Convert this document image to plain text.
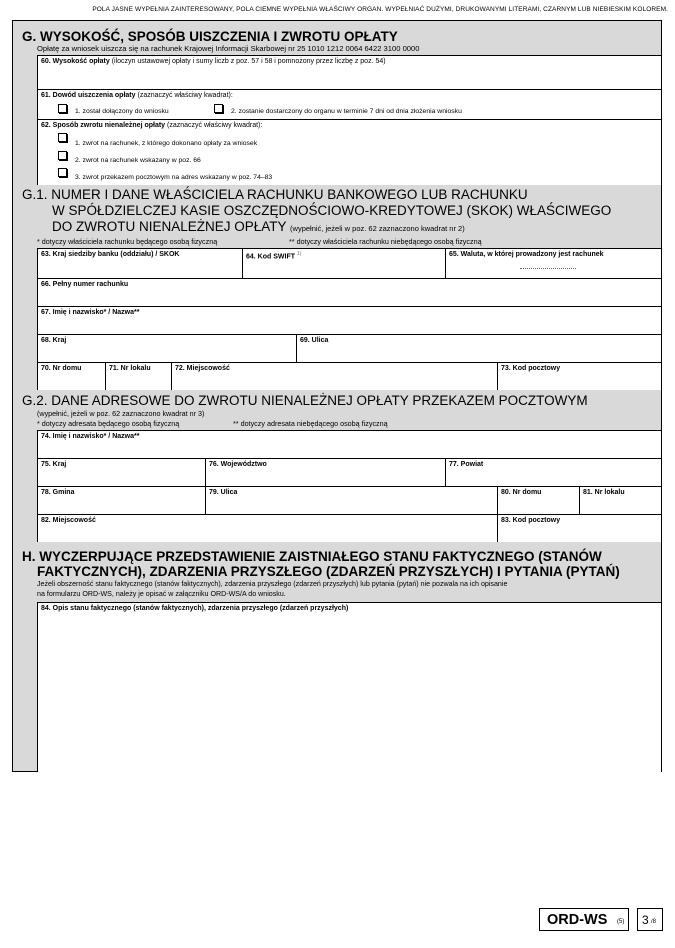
POLA JASNE WYPEŁNIA ZAINTERESOWANY, POLA CIEMNE WYPEŁNIA WŁAŚCIWY ORGAN. WYPEŁNIAĆ DUŻYMI, DRUKOWANYMI LITERAMI, CZARNYM LUB NIEBIESKIM KOLOREM.
G. WYSOKOŚĆ, SPOSÓB UISZCZENIA I ZWROTU OPŁATY
Opłatę za wniosek uiszcza się na rachunek Krajowej Informacji Skarbowej nr 25 1010 1212 0064 6422 3100 0000
60. Wysokość opłaty (iloczyn ustawowej opłaty i sumy liczb z poz. 57 i 58 i pomnożony przez liczbę z poz. 54)
61. Dowód uiszczenia opłaty (zaznaczyć właściwy kwadrat):
1. został dołączony do wniosku	2. zostanie dostarczony do organu w terminie 7 dni od dnia złożenia wniosku
62. Sposób zwrotu nienależnej opłaty (zaznaczyć właściwy kwadrat):
1. zwrot na rachunek, z którego dokonano opłaty za wniosek
2. zwrot na rachunek wskazany w poz. 66
3. zwrot przekazem pocztowym na adres wskazany w poz. 74–83
G.1. NUMER I DANE WŁAŚCICIELA RACHUNKU BANKOWEGO LUB RACHUNKU
W SPÓŁDZIELCZEJ KASIE OSZCZĘDNOŚCIOWO-KREDYTOWEJ (SKOK) WŁAŚCIWEGO
DO ZWROTU NIENALEŻNEJ OPŁATY (wypełnić, jeżeli w poz. 62 zaznaczono kwadrat nr 2)
* dotyczy właściciela rachunku będącego osobą fizyczną	** dotyczy właściciela rachunku niebędącego osobą fizyczną
63. Kraj siedziby banku (oddziału) / SKOK	64. Kod SWIFT $^{1)}$	65. Waluta, w której prowadzony jest rachunek
66. Pełny numer rachunku
67. Imię i nazwisko* / Nazwa**
68. Kraj	69. Ulica
70. Nr domu	71. Nr lokalu	72. Miejscowość	73. Kod pocztowy
G.2. DANE ADRESOWE DO ZWROTU NIENALEŻNEJ OPŁATY PRZEKAZEM POCZTOWYM
(wypełnić, jeżeli w poz. 62 zaznaczono kwadrat nr 3)
* dotyczy adresata będącego osobą fizyczną	** dotyczy adresata niebędącego osobą fizyczną
74. Imię i nazwisko* / Nazwa**
75. Kraj	76. Województwo	77. Powiat
78. Gmina	79. Ulica	80. Nr domu	81. Nr lokalu
82. Miejscowość	83. Kod pocztowy
H. WYCZERPUJĄCE PRZEDSTAWIENIE ZAISTNIAŁEGO STANU FAKTYCZNEGO (STANÓW
FAKTYCZNYCH), ZDARZENIA PRZYSZŁEGO (ZDARZEŃ PRZYSZŁYCH) I PYTANIA (PYTAŃ)
Jeżeli obszerność stanu faktycznego (stanów faktycznych), zdarzenia przyszłego (zdarzeń przyszłych) lub pytania (pytań) nie pozwala na ich opisanie
na formularzu ORD-WS, należy je opisać w załączniku ORD-WS/A do wniosku.
84. Opis stanu faktycznego (stanów faktycznych), zdarzenia przyszłego (zdarzeń przyszłych)
ORD-WS (5) 3 /8
